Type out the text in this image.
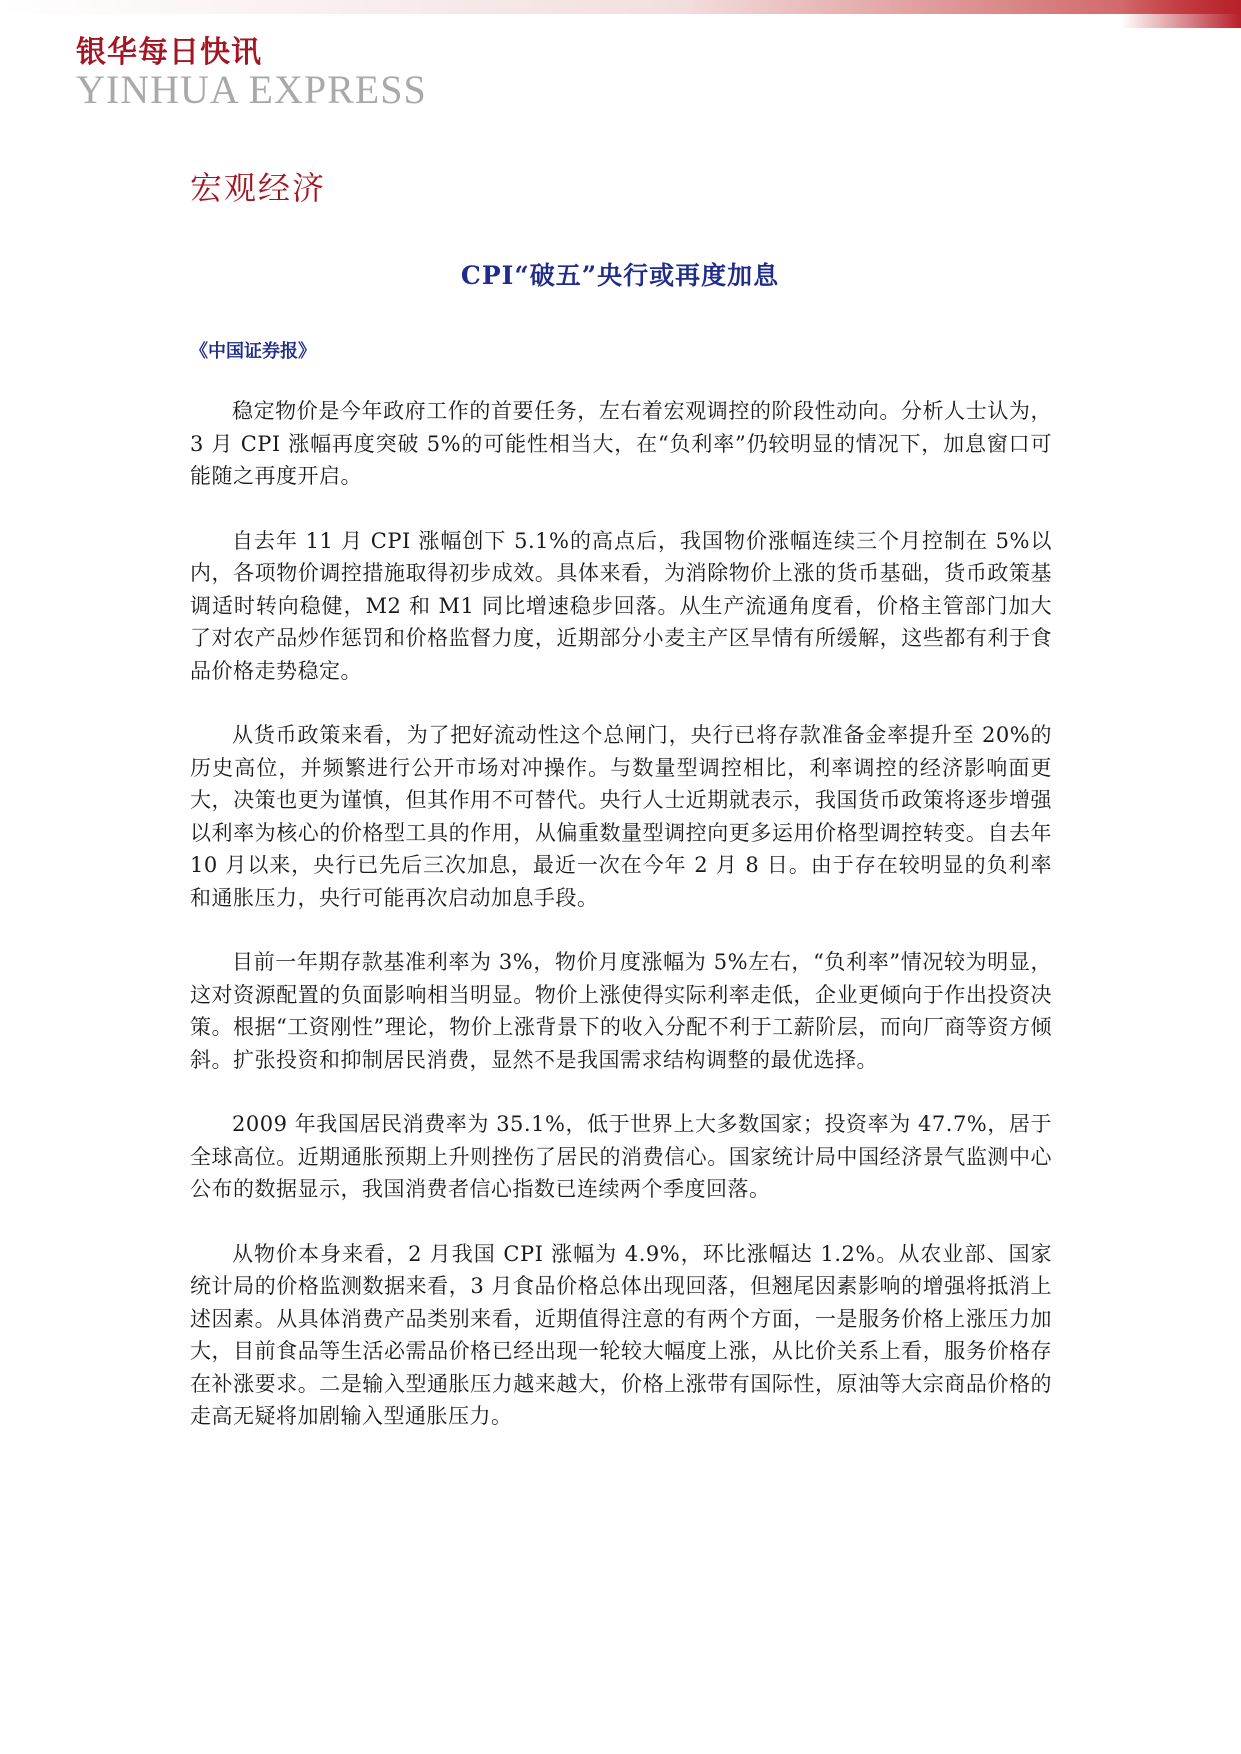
银华每日快讯
YINHUA EXPRESS
宏观经济
CPI“破五”央行或再度加息
《中国证券报》

稳定物价是今年政府工作的首要任务，左右着宏观调控的阶段性动向。分析人士认为，3 月 CPI 涨幅再度突破 5%的可能性相当大，在“负利率”仍较明显的情况下，加息窗口可能随之再度开启。

自去年 11 月 CPI 涨幅创下 5.1%的高点后，我国物价涨幅连续三个月控制在 5%以内，各项物价调控措施取得初步成效。具体来看，为消除物价上涨的货币基础，货币政策基调适时转向稳健，M2 和 M1 同比增速稳步回落。从生产流通角度看，价格主管部门加大了对农产品炒作惩罚和价格监督力度，近期部分小麦主产区旱情有所缓解，这些都有利于食品价格走势稳定。

从货币政策来看，为了把好流动性这个总闸门，央行已将存款准备金率提升至 20%的历史高位，并频繁进行公开市场对冲操作。与数量型调控相比，利率调控的经济影响面更大，决策也更为谨慎，但其作用不可替代。央行人士近期就表示，我国货币政策将逐步增强以利率为核心的价格型工具的作用，从偏重数量型调控向更多运用价格型调控转变。自去年 10 月以来，央行已先后三次加息，最近一次在今年 2 月 8 日。由于存在较明显的负利率和通胀压力，央行可能再次启动加息手段。

目前一年期存款基准利率为 3%，物价月度涨幅为 5%左右，“负利率”情况较为明显，这对资源配置的负面影响相当明显。物价上涨使得实际利率走低，企业更倾向于作出投资决策。根据“工资刚性”理论，物价上涨背景下的收入分配不利于工薪阶层，而向厂商等资方倾斜。扩张投资和抑制居民消费，显然不是我国需求结构调整的最优选择。

2009 年我国居民消费率为 35.1%，低于世界上大多数国家；投资率为 47.7%，居于全球高位。近期通胀预期上升则挫伤了居民的消费信心。国家统计局中国经济景气监测中心公布的数据显示，我国消费者信心指数已连续两个季度回落。

从物价本身来看，2 月我国 CPI 涨幅为 4.9%，环比涨幅达 1.2%。从农业部、国家统计局的价格监测数据来看，3 月食品价格总体出现回落，但翘尾因素影响的增强将抵消上述因素。从具体消费产品类别来看，近期值得注意的有两个方面，一是服务价格上涨压力加大，目前食品等生活必需品价格已经出现一轮较大幅度上涨，从比价关系上看，服务价格存在补涨要求。二是输入型通胀压力越来越大，价格上涨带有国际性，原油等大宗商品价格的走高无疑将加剧输入型通胀压力。
